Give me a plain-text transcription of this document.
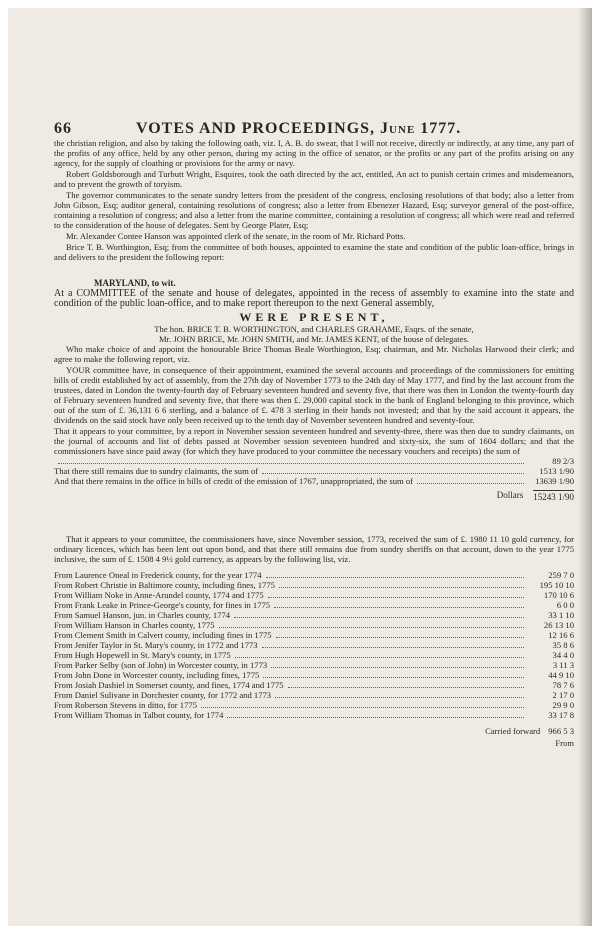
66	VOTES AND PROCEEDINGS, June 1777.

the christian religion, and also by taking the following oath, viz. I, A. B. do swear, that I will not receive, directly or indirectly, at any time, any part of the profits of any office, held by any other person, during my acting in the office of senator, or the profits or any part of the profits arising on any agency, for the supply of cloathing or provisions for the army or navy.

Robert Goldsborough and Turbutt Wright, Esquires, took the oath directed by the act, entitled, An act to punish certain crimes and misdemeanors, and to prevent the growth of toryism.

The governor communicates to the senate sundry letters from the president of the congress, enclosing resolutions of that body; also a letter from John Gibson, Esq; auditor general, containing resolutions of congress; also a letter from Ebenezer Hazard, Esq; surveyor general of the post-office, containing a resolution of congress; and also a letter from the marine committee, containing a resolution of congress; all which were read and referred to the consideration of the house of delegates. Sent by George Plater, Esq;

Mr. Alexander Contee Hanson was appointed clerk of the senate, in the room of Mr. Richard Potts.

Brice T. B. Worthington, Esq; from the committee of both houses, appointed to examine the state and condition of the public loan-office, brings in and delivers to the president the following report:

MARYLAND, to wit.

At a COMMITTEE of the senate and house of delegates, appointed in the recess of assembly to examine into the state and condition of the public loan-office, and to make report thereupon to the next General assembly,

WERE PRESENT,

The hon. BRICE T. B. WORTHINGTON, and CHARLES GRAHAME, Esqrs. of the senate,

Mr. JOHN BRICE, Mr. JOHN SMITH, and Mr. JAMES KENT, of the house of delegates.

Who make choice of and appoint the honourable Brice Thomas Beale Worthington, Esq; chairman, and Mr. Nicholas Harwood their clerk; and agree to make the following report, viz.

YOUR committee have, in consequence of their appointment, examined the several accounts and proceedings of the commissioners for emitting bills of credit established by act of assembly, from the 27th day of November 1773 to the 24th day of May 1777, and find by the last account from the trustees, dated in London the twenty-fourth day of February seventeen hundred and seventy five, that there was then in London the twenty-fourth day of February seventeen hundred and seventy five, that there was then £. 29,000 capital stock in the bank of England belonging to this province, which out of the sum of £. 36,131 6 6 sterling, and a balance of £. 478 3 sterling in their hands not invested; and that by the said account it appears, the dividends on the said stock have only been received up to the tenth day of November seventeen hundred and seventy-four.

That it appears to your committee, by a report in November session seventeen hundred and seventy-three, there was then due to sundry claimants, on the journal of accounts and list of debts passed at November session seventeen hundred and sixty-six, the sum of 1604 dollars; and that the commissioners have since paid away (for which they have produced to your committee the necessary vouchers and receipts) the sum of
89 2/3
That there still remains due to sundry claimants, the sum of	1513 1/90
And that there remains in the office in bills of credit of the emission of 1767, unappropriated, the sum of	13639 1/90
Dollars 15243 1/90

That it appears to your committee, the commissioners have, since November session, 1773, received the sum of £. 1980 11 10 gold currency, for ordinary licences, which has been lent out upon bond, and that there still remains due from sundry sheriffs on that account, down to the year 1775 inclusive, the sum of £. 1508 4 9½ gold currency, as appears by the following list, viz.

From Laurence Oneal in Frederick county, for the year 1774	259 7 0
From Robert Christie in Baltimore county, including fines, 1775	195 10 10
From William Noke in Anne-Arundel county, 1774 and 1775	170 10 6
From Frank Leake in Prince-George's county, for fines in 1775	6 0 0
From Samuel Hanson, jun. in Charles county, 1774	33 1 10
From William Hanson in Charles county, 1775	26 13 10
From Clement Smith in Calvert county, including fines in 1775	12 16 6
From Jenifer Taylor in St. Mary's county, in 1772 and 1773	35 8 6
From Hugh Hopewell in St. Mary's county, in 1775	34 4 0
From Parker Selby (son of John) in Worcester county, in 1773	3 11 3
From John Done in Worcester county, including fines, 1775	44 9 10
From Josiah Dashiel in Somerset county, and fines, 1774 and 1775	78 7 6
From Daniel Sulivane in Dorchester county, for 1772 and 1773	2 17 0
From Roberson Stevens in ditto, for 1775	29 9 0
From William Thomas in Talbot county, for 1774	33 17 8
Carried forward 966 5 3
From
